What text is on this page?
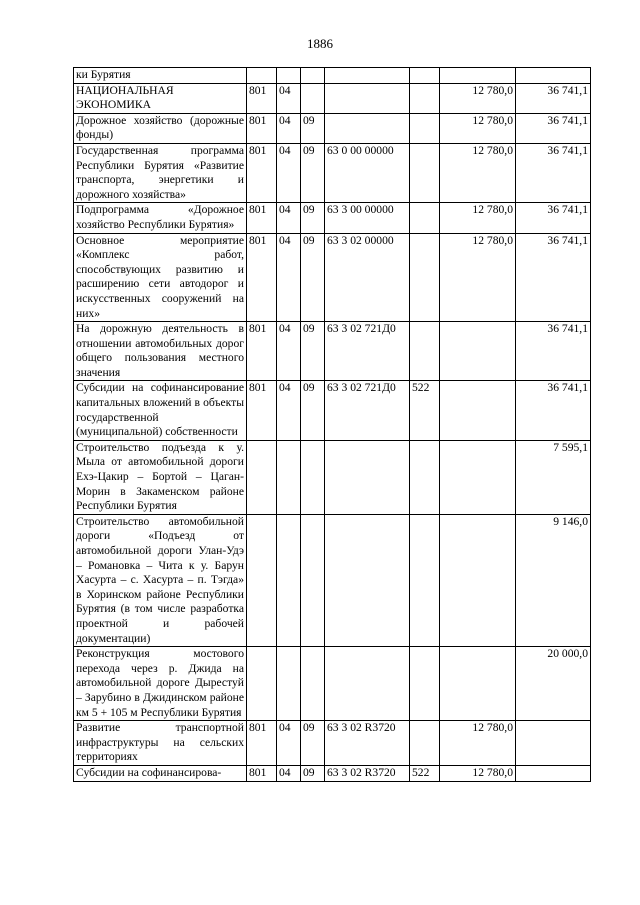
1886
ки Бурятия							
НАЦИОНАЛЬНАЯ ЭКОНОМИКА	801	04				12 780,0	36 741,1
Дорожное хозяйство (дорожные фонды)	801	04	09			12 780,0	36 741,1
Государственная программа Республики Бурятия «Развитие транспорта, энергетики и дорожного хозяйства»	801	04	09	63 0 00 00000		12 780,0	36 741,1
Подпрограмма «Дорожное хозяйство Республики Бурятия»	801	04	09	63 3 00 00000		12 780,0	36 741,1
Основное мероприятие «Комплекс работ, способствующих развитию и расширению сети автодорог и искусственных сооружений на них»	801	04	09	63 3 02 00000		12 780,0	36 741,1
На дорожную деятельность в отношении автомобильных дорог общего пользования местного значения	801	04	09	63 3 02 721Д0			36 741,1
Субсидии на софинансирование капитальных вложений в объекты государственной (муниципальной) собственности	801	04	09	63 3 02 721Д0	522		36 741,1
Строительство подъезда к у. Мыла от автомобильной дороги Ехэ-Цакир – Бортой – Цаган-Морин в Закаменском районе Республики Бурятия							7 595,1
Строительство автомобильной дороги «Подъезд от автомобильной дороги Улан-Удэ – Романовка – Чита к у. Барун Хасурта – с. Хасурта – п. Тэгда» в Хоринском районе Республики Бурятия (в том числе разработка проектной и рабочей документации)							9 146,0
Реконструкция мостового перехода через р. Джида на автомобильной дороге Дырестуй – Зарубино в Джидинском районе км 5 + 105 м Республики Бурятия							20 000,0
Развитие транспортной инфраструктуры на сельских территориях	801	04	09	63 3 02 R3720		12 780,0	
Субсидии на софинансирова-	801	04	09	63 3 02 R3720	522	12 780,0	
